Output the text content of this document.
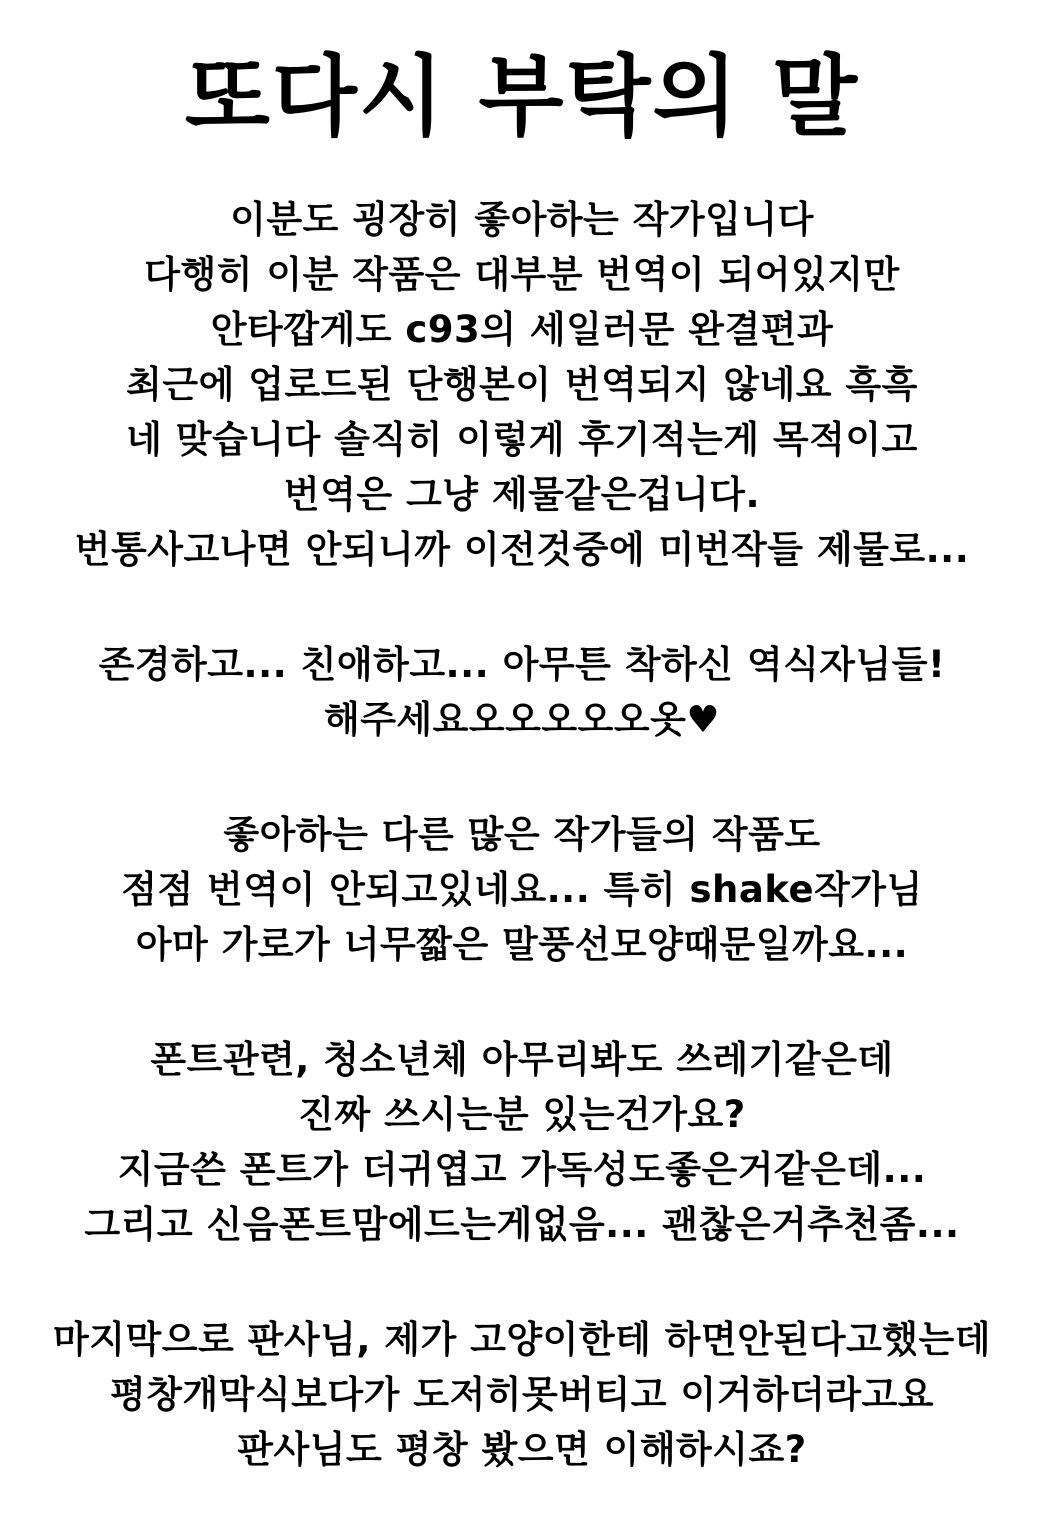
또다시 부탁의 말

이분도 굉장히 좋아하는 작가입니다

다행히 이분 작품은 대부분 번역이 되어있지만

안타깝게도 c93의 세일러문 완결편과

최근에 업로드된 단행본이 번역되지 않네요 흑흑

네 맞습니다 솔직히 이렇게 후기적는게 목적이고

번역은 그냥 제물같은겁니다.

번통사고나면 안되니까 이전것중에 미번작들 제물로...

존경하고... 친애하고... 아무튼 착하신 역식자님들!

해주세요오오오오오옷♥

좋아하는 다른 많은 작가들의 작품도

점점 번역이 안되고있네요... 특히 shake작가님

아마 가로가 너무짧은 말풍선모양때문일까요...

폰트관련, 청소년체 아무리봐도 쓰레기같은데

진짜 쓰시는분 있는건가요?

지금쓴 폰트가 더귀엽고 가독성도좋은거같은데...

그리고 신음폰트맘에드는게없음... 괜찮은거추천좀...

마지막으로 판사님, 제가 고양이한테 하면안된다고했는데

평창개막식보다가 도저히못버티고 이거하더라고요

판사님도 평창 봤으면 이해하시죠?
